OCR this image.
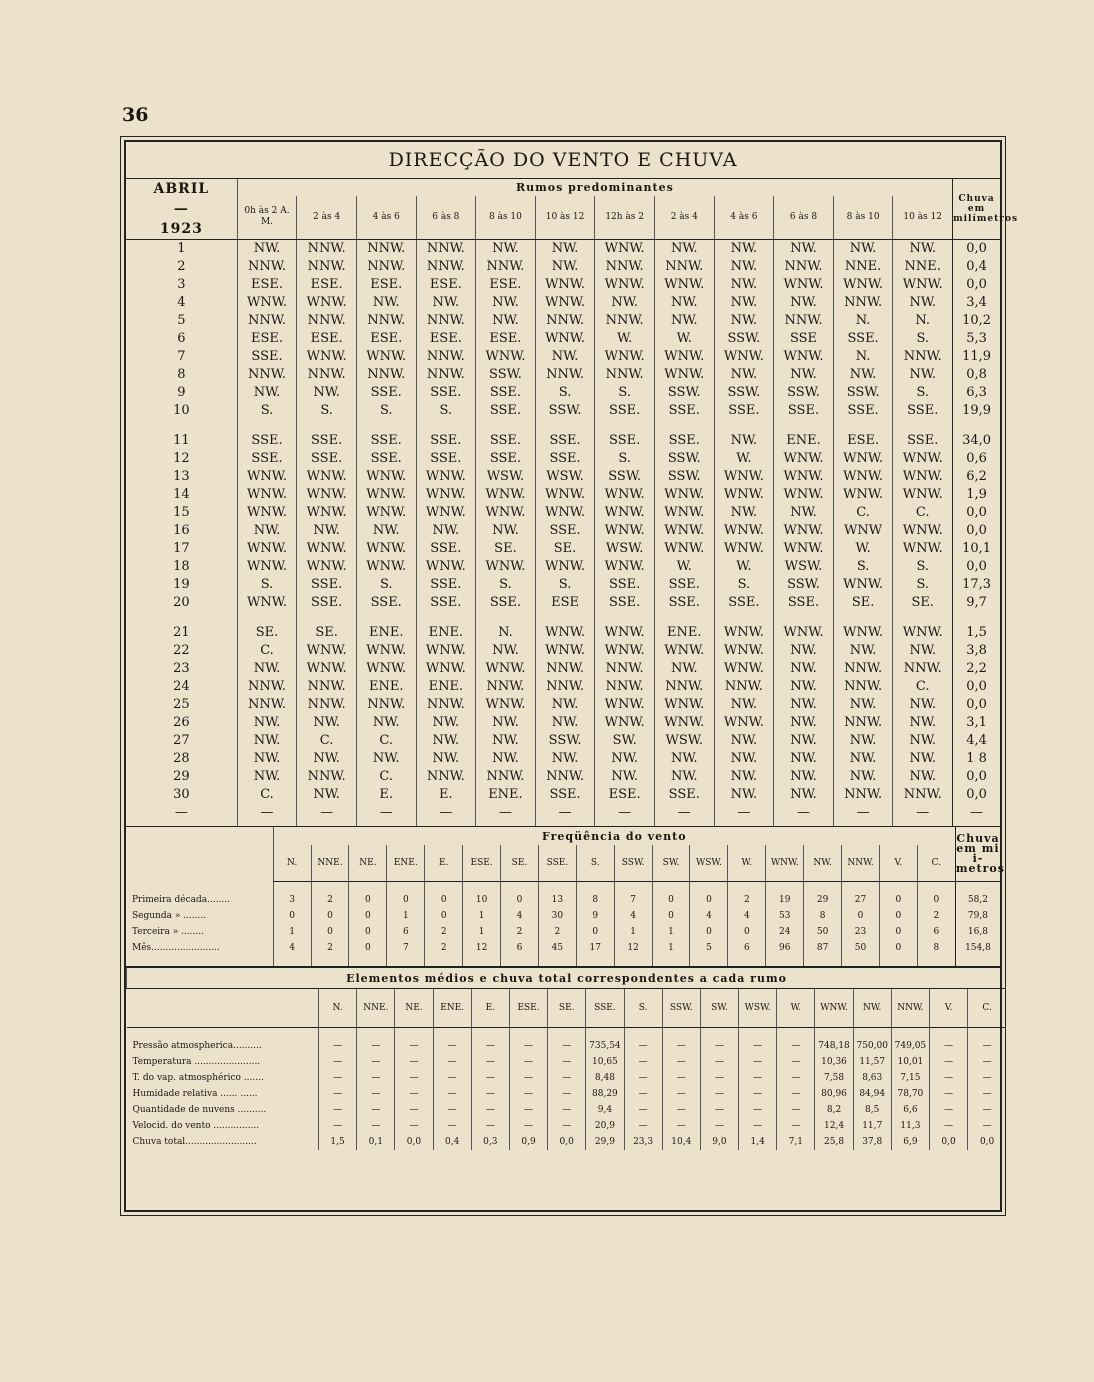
36
DIRECÇÃO DO VENTO E CHUVA
ABRIL
—
1923	Rumos predominantes												Chuva em milímetros
	0h às 2 A. M.	2 às 4	4 às 6	6 às 8	8 às 10	10 às 12	12h às 2	2 às 4	4 às 6	6 às 8	8 às 10	10 às 12	
1	NW.	NNW.	NNW.	NNW.	NW.	NW.	WNW.	NW.	NW.	NW.	NW.	NW.	0,0
2	NNW.	NNW.	NNW.	NNW.	NNW.	NW.	NNW.	NNW.	NW.	NNW.	NNE.	NNE.	0,4
3	ESE.	ESE.	ESE.	ESE.	ESE.	WNW.	WNW.	WNW.	NW.	WNW.	WNW.	WNW.	0,0
4	WNW.	WNW.	NW.	NW.	NW.	WNW.	NW.	NW.	NW.	NW.	NNW.	NW.	3,4
5	NNW.	NNW.	NNW.	NNW.	NW.	NNW.	NNW.	NW.	NW.	NNW.	N.	N.	10,2
6	ESE.	ESE.	ESE.	ESE.	ESE.	WNW.	W.	W.	SSW.	SSE	SSE.	S.	5,3
7	SSE.	WNW.	WNW.	NNW.	WNW.	NW.	WNW.	WNW.	WNW.	WNW.	N.	NNW.	11,9
8	NNW.	NNW.	NNW.	NNW.	SSW.	NNW.	NNW.	WNW.	NW.	NW.	NW.	NW.	0,8
9	NW.	NW.	SSE.	SSE.	SSE.	S.	S.	SSW.	SSW.	SSW.	SSW.	S.	6,3
10	S.	S.	S.	S.	SSE.	SSW.	SSE.	SSE.	SSE.	SSE.	SSE.	SSE.	19,9

11	SSE.	SSE.	SSE.	SSE.	SSE.	SSE.	SSE.	SSE.	NW.	ENE.	ESE.	SSE.	34,0
12	SSE.	SSE.	SSE.	SSE.	SSE.	SSE.	S.	SSW.	W.	WNW.	WNW.	WNW.	0,6
13	WNW.	WNW.	WNW.	WNW.	WSW.	WSW.	SSW.	SSW.	WNW.	WNW.	WNW.	WNW.	6,2
14	WNW.	WNW.	WNW.	WNW.	WNW.	WNW.	WNW.	WNW.	WNW.	WNW.	WNW.	WNW.	1,9
15	WNW.	WNW.	WNW.	WNW.	WNW.	WNW.	WNW.	WNW.	NW.	NW.	C.	C.	0,0
16	NW.	NW.	NW.	NW.	NW.	SSE.	WNW.	WNW.	WNW.	WNW.	WNW	WNW.	0,0
17	WNW.	WNW.	WNW.	SSE.	SE.	SE.	WSW.	WNW.	WNW.	WNW.	W.	WNW.	10,1
18	WNW.	WNW.	WNW.	WNW.	WNW.	WNW.	WNW.	W.	W.	WSW.	S.	S.	0,0
19	S.	SSE.	S.	SSE.	S.	S.	SSE.	SSE.	S.	SSW.	WNW.	S.	17,3
20	WNW.	SSE.	SSE.	SSE.	SSE.	ESE	SSE.	SSE.	SSE.	SSE.	SE.	SE.	9,7

21	SE.	SE.	ENE.	ENE.	N.	WNW.	WNW.	ENE.	WNW.	WNW.	WNW.	WNW.	1,5
22	C.	WNW.	WNW.	WNW.	NW.	WNW.	WNW.	WNW.	WNW.	NW.	NW.	NW.	3,8
23	NW.	WNW.	WNW.	WNW.	WNW.	NNW.	NNW.	NW.	WNW.	NW.	NNW.	NNW.	2,2
24	NNW.	NNW.	ENE.	ENE.	NNW.	NNW.	NNW.	NNW.	NNW.	NW.	NNW.	C.	0,0
25	NNW.	NNW.	NNW.	NNW.	WNW.	NW.	WNW.	WNW.	NW.	NW.	NW.	NW.	0,0
26	NW.	NW.	NW.	NW.	NW.	NW.	WNW.	WNW.	WNW.	NW.	NNW.	NW.	3,1
27	NW.	C.	C.	NW.	NW.	SSW.	SW.	WSW.	NW.	NW.	NW.	NW.	4,4
28	NW.	NW.	NW.	NW.	NW.	NW.	NW.	NW.	NW.	NW.	NW.	NW.	1 8
29	NW.	NNW.	C.	NNW.	NNW.	NNW.	NW.	NW.	NW.	NW.	NW.	NW.	0,0
30	C.	NW.	E.	E.	ENE.	SSE.	ESE.	SSE.	NW.	NW.	NNW.	NNW.	0,0
—	—	—	—	—	—	—	—	—	—	—	—	—	—
	Freqüência do vento																		Chuva em mi i- metros
	N.	NNE.	NE.	ENE.	E.	ESE.	SE.	SSE.	S.	SSW.	SW.	WSW.	W.	WNW.	NW.	NNW.	V.	C.	

Primeira década........	3	2	0	0	0	10	0	13	8	7	0	0	2	19	29	27	0	0	58,2
Segunda » ........	0	0	0	1	0	1	4	30	9	4	0	4	4	53	8	0	0	2	79,8
Terceira » ........	1	0	0	6	2	1	2	2	0	1	1	0	0	24	50	23	0	6	16,8
Mês........................	4	2	0	7	2	12	6	45	17	12	1	5	6	96	87	50	0	8	154,8

Elementos médios e chuva total correspondentes a cada rumo																		
	N.	NNE.	NE.	ENE.	E.	ESE.	SE.	SSE.	S.	SSW.	SW.	WSW.	W.	WNW.	NW.	NNW.	V.	C.

Pressão atmospherica..........	—	—	—	—	—	—	—	735,54	—	—	—	—	—	748,18	750,00	749,05	—	—
Temperatura .......................	—	—	—	—	—	—	—	10,65	—	—	—	—	—	10,36	11,57	10,01	—	—
T. do vap. atmosphérico .......	—	—	—	—	—	—	—	8,48	—	—	—	—	—	7,58	8,63	7,15	—	—
Humidade relativa ...... ......	—	—	—	—	—	—	—	88,29	—	—	—	—	—	80,96	84,94	78,70	—	—
Quantidade de nuvens ..........	—	—	—	—	—	—	—	9,4	—	—	—	—	—	8,2	8,5	6,6	—	—
Velocid. do vento ................	—	—	—	—	—	—	—	20,9	—	—	—	—	—	12,4	11,7	11,3	—	—
Chuva total.........................	1,5	0,1	0,0	0,4	0,3	0,9	0,0	29,9	23,3	10,4	9,0	1,4	7,1	25,8	37,8	6,9	0,0	0,0
